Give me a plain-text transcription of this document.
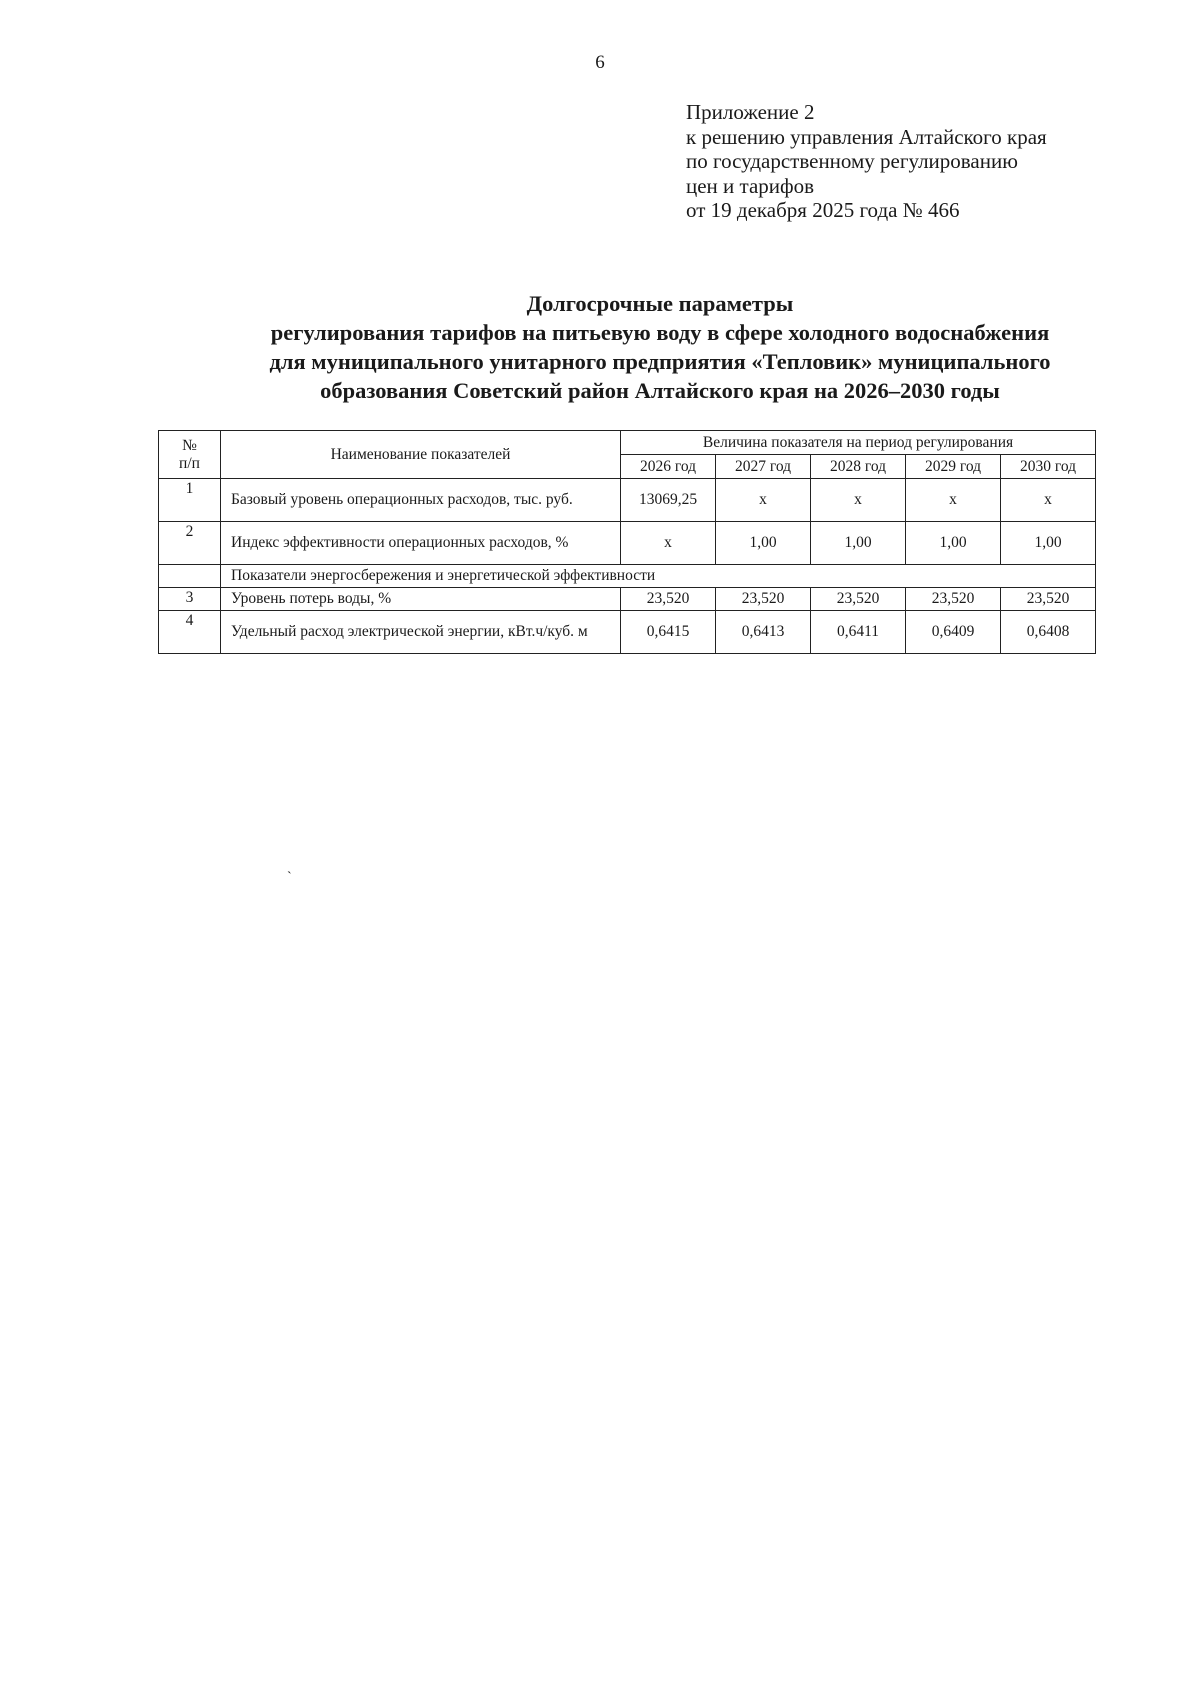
6
Приложение 2
к решению управления Алтайского края
по государственному регулированию
цен и тарифов
от 19 декабря 2025 года № 466
Долгосрочные параметры
регулирования тарифов на питьевую воду в сфере холодного водоснабжения
для муниципального унитарного предприятия «Тепловик» муниципального
образования Советский район Алтайского края на 2026–2030 годы
№
п/п	Наименование показателей	Величина показателя на период регулирования				
		2026 год	2027 год	2028 год	2029 год	2030 год
1	Базовый уровень операционных расходов, тыс. руб.	13069,25	х	х	х	х
2	Индекс эффективности операционных расходов, %	х	1,00	1,00	1,00	1,00
	Показатели энергосбережения и энергетической эффективности					
3	Уровень потерь воды, %	23,520	23,520	23,520	23,520	23,520
4	Удельный расход электрической энергии, кВт.ч/куб. м	0,6415	0,6413	0,6411	0,6409	0,6408
`
